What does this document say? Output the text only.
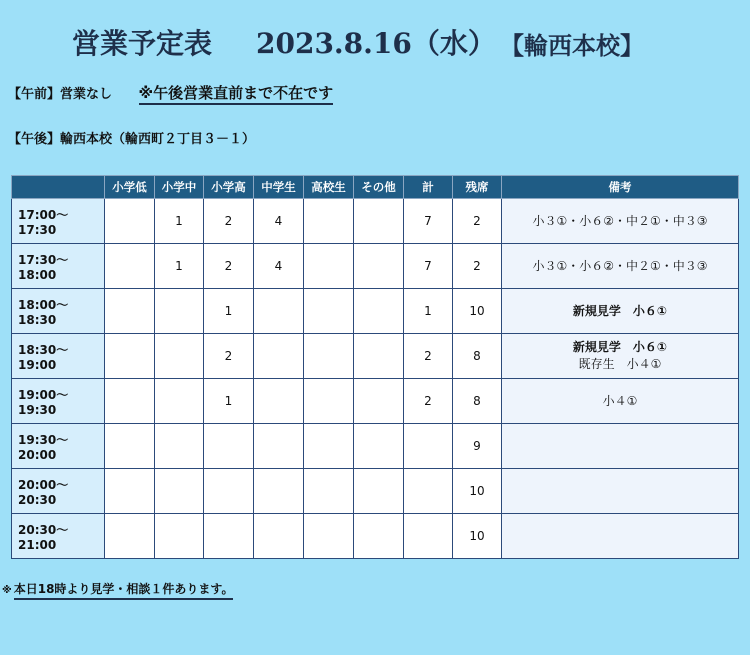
営業予定表 2023.8.16（水） 【輪西本校】
【午前】営業なし ※午後営業直前まで不在です
【午後】輪西本校（輪西町２丁目３－１）
	小学低	小学中	小学高	中学生	高校生	その他	計	残席	備考
17:00〜17:30		1	2	4			7	2	小３①・小６②・中２①・中３③

17:30〜18:00		1	2	4			7	2	小３①・小６②・中２①・中３③

18:00〜18:30			1				1	10	新規見学　小６①

18:30〜19:00			2				2	8	新規見学　小６①
既存生　小４①

19:00〜19:30			1				2	8	小４①

19:30〜20:00								9	
20:00〜20:30								10	
20:30〜21:00								10	
※ 本日18時より見学・相談１件あります。
